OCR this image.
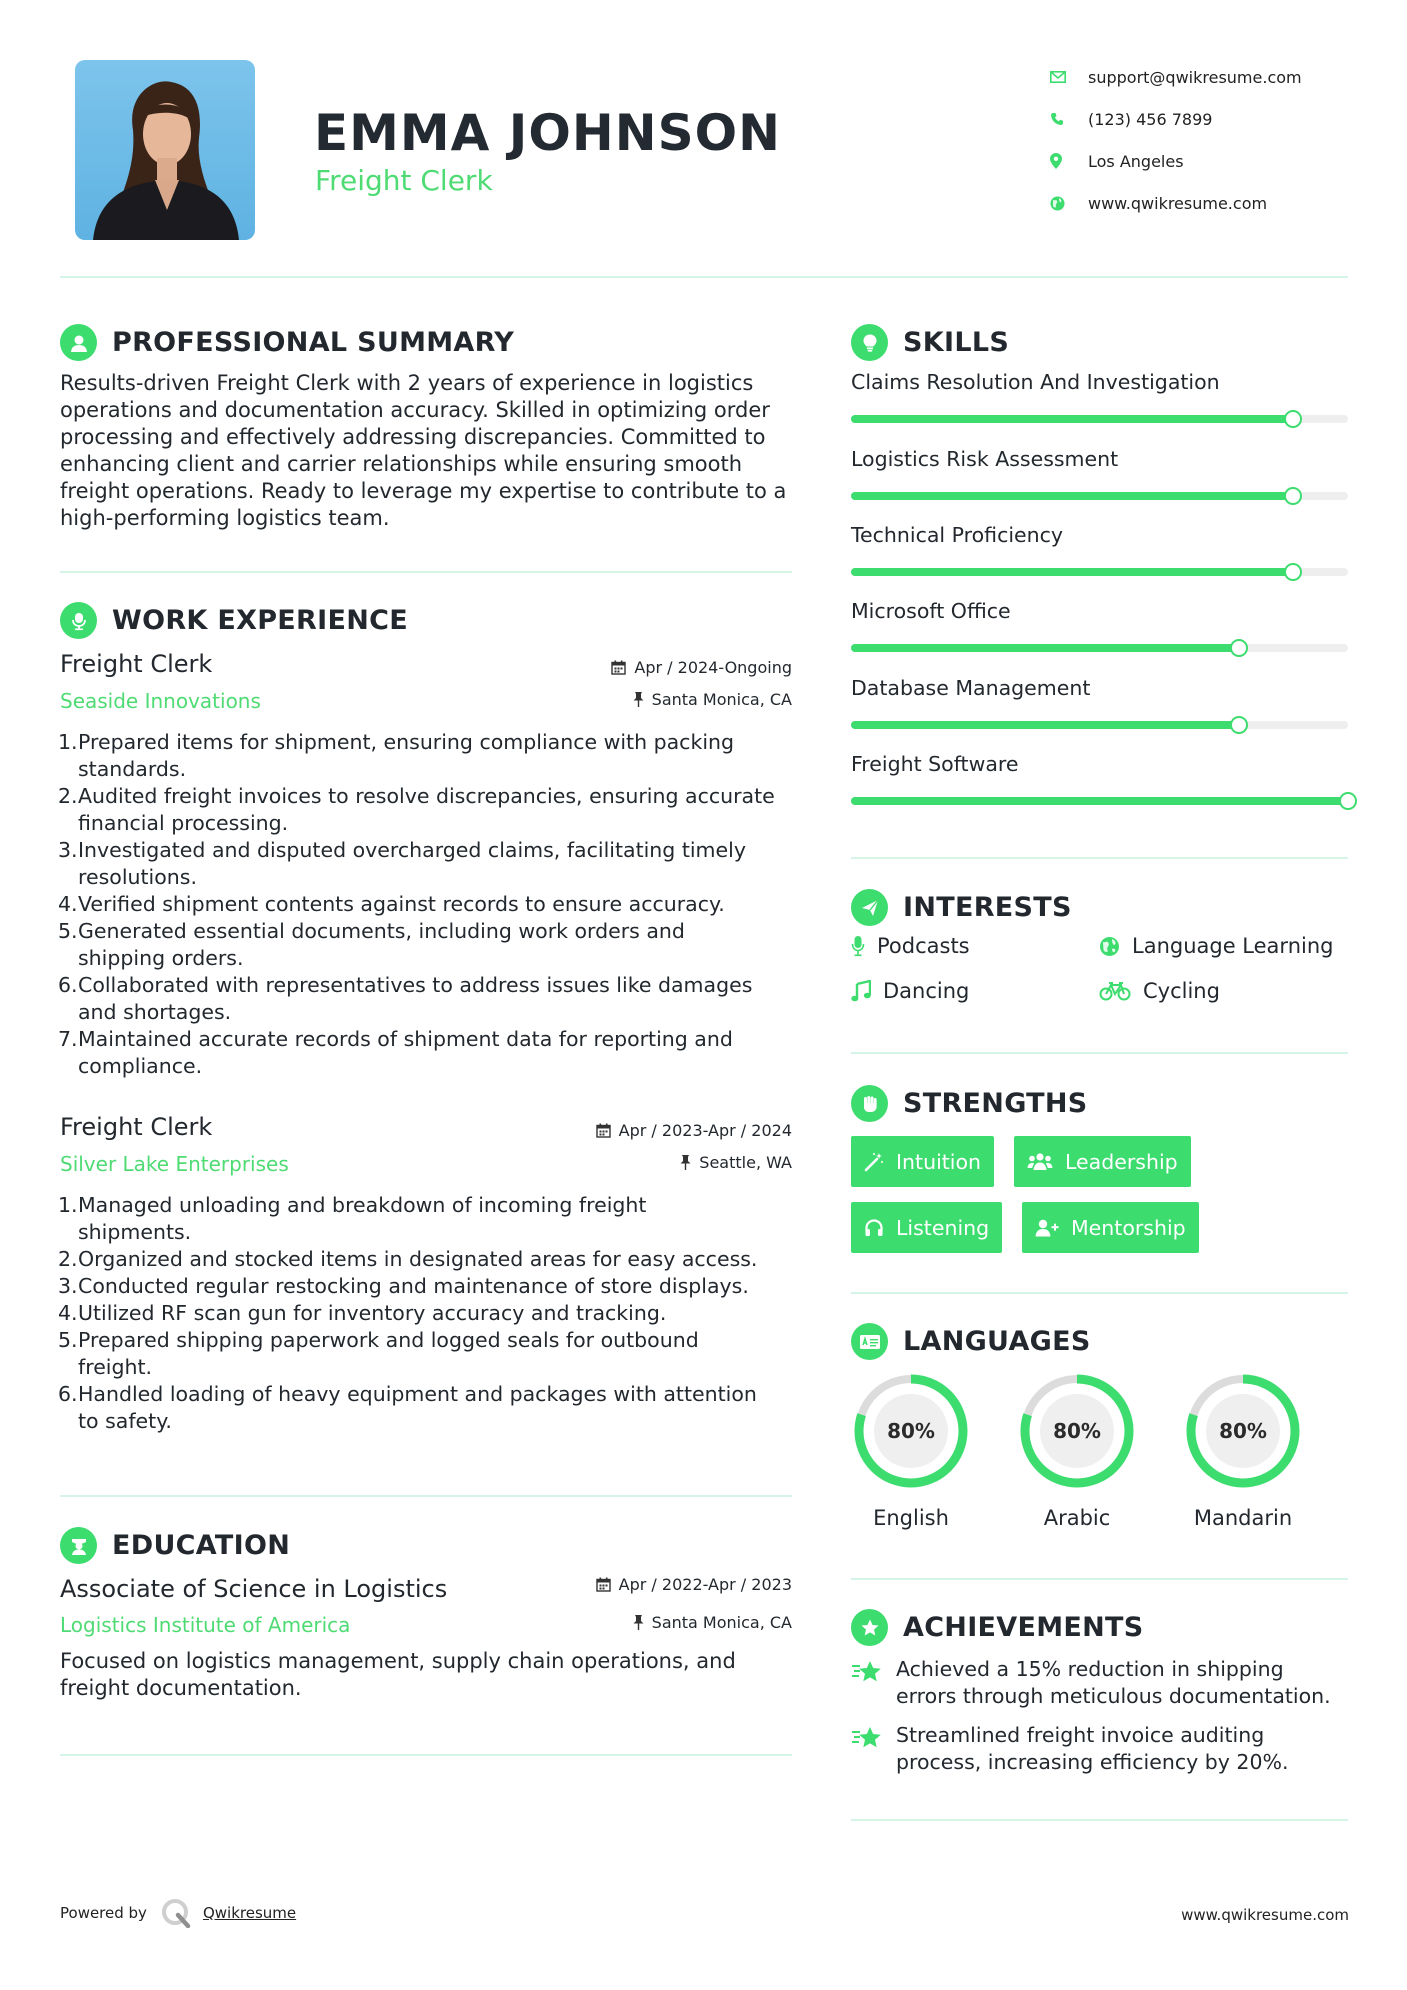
EMMA JOHNSON
Freight Clerk
support@qwikresume.com
(123) 456 7899
Los Angeles
www.qwikresume.com
PROFESSIONAL SUMMARY
Results-driven Freight Clerk with 2 years of experience in logistics
operations and documentation accuracy. Skilled in optimizing order
processing and effectively addressing discrepancies. Committed to
enhancing client and carrier relationships while ensuring smooth
freight operations. Ready to leverage my expertise to contribute to a
high-performing logistics team.
WORK EXPERIENCE
Freight Clerk	Apr / 2024-Ongoing
Seaside Innovations	Santa Monica, CA
1. Prepared items for shipment, ensuring compliance with packing
standards.
2. Audited freight invoices to resolve discrepancies, ensuring accurate
financial processing.
3. Investigated and disputed overcharged claims, facilitating timely
resolutions.
4. Verified shipment contents against records to ensure accuracy.
5. Generated essential documents, including work orders and
shipping orders.
6. Collaborated with representatives to address issues like damages
and shortages.
7. Maintained accurate records of shipment data for reporting and
compliance.
Freight Clerk	Apr / 2023-Apr / 2024
Silver Lake Enterprises	Seattle, WA
1. Managed unloading and breakdown of incoming freight
shipments.
2. Organized and stocked items in designated areas for easy access.
3. Conducted regular restocking and maintenance of store displays.
4. Utilized RF scan gun for inventory accuracy and tracking.
5. Prepared shipping paperwork and logged seals for outbound
freight.
6. Handled loading of heavy equipment and packages with attention
to safety.
EDUCATION
Associate of Science in Logistics	Apr / 2022-Apr / 2023
Logistics Institute of America	Santa Monica, CA
Focused on logistics management, supply chain operations, and
freight documentation.
SKILLS
Claims Resolution And Investigation
Logistics Risk Assessment
Technical Proficiency
Microsoft Office
Database Management
Freight Software
INTERESTS
Podcasts	Language Learning
Dancing	Cycling
STRENGTHS
Intuition	Leadership
Listening	Mentorship
LANGUAGES
80%
English
80%
Arabic
80%
Mandarin
ACHIEVEMENTS
Achieved a 15% reduction in shipping
errors through meticulous documentation.
Streamlined freight invoice auditing
process, increasing efficiency by 20%.
Powered by	Qwikresume	www.qwikresume.com
